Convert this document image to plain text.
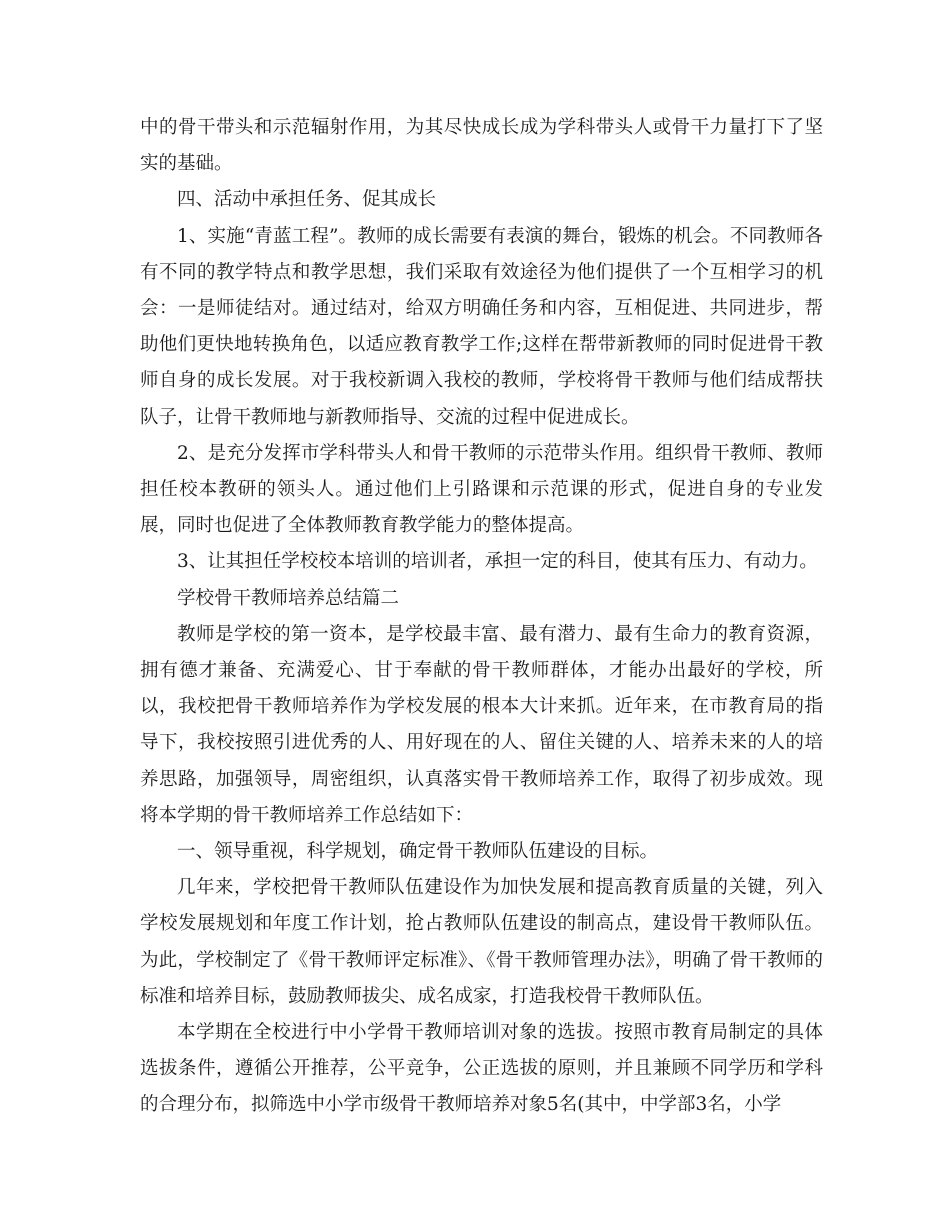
中的骨干带头和示范辐射作用，为其尽快成长成为学科带头人或骨干力量打下了坚实的基础。

四、活动中承担任务、促其成长

1、实施“青蓝工程”。教师的成长需要有表演的舞台，锻炼的机会。不同教师各有不同的教学特点和教学思想，我们采取有效途径为他们提供了一个互相学习的机会：一是师徒结对。通过结对，给双方明确任务和内容，互相促进、共同进步，帮助他们更快地转换角色，以适应教育教学工作;这样在帮带新教师的同时促进骨干教师自身的成长发展。对于我校新调入我校的教师，学校将骨干教师与他们结成帮扶队子，让骨干教师地与新教师指导、交流的过程中促进成长。

2、是充分发挥市学科带头人和骨干教师的示范带头作用。组织骨干教师、教师担任校本教研的领头人。通过他们上引路课和示范课的形式，促进自身的专业发展，同时也促进了全体教师教育教学能力的整体提高。

3、让其担任学校校本培训的培训者，承担一定的科目，使其有压力、有动力。

学校骨干教师培养总结篇二

教师是学校的第一资本，是学校最丰富、最有潜力、最有生命力的教育资源，拥有德才兼备、充满爱心、甘于奉献的骨干教师群体，才能办出最好的学校，所以，我校把骨干教师培养作为学校发展的根本大计来抓。近年来，在市教育局的指导下，我校按照引进优秀的人、用好现在的人、留住关键的人、培养未来的人的培养思路，加强领导，周密组织，认真落实骨干教师培养工作，取得了初步成效。现将本学期的骨干教师培养工作总结如下：

一、领导重视，科学规划，确定骨干教师队伍建设的目标。

几年来，学校把骨干教师队伍建设作为加快发展和提高教育质量的关键，列入学校发展规划和年度工作计划，抢占教师队伍建设的制高点，建设骨干教师队伍。为此，学校制定了《骨干教师评定标准》、《骨干教师管理办法》，明确了骨干教师的标准和培养目标，鼓励教师拔尖、成名成家，打造我校骨干教师队伍。

本学期在全校进行中小学骨干教师培训对象的选拔。按照市教育局制定的具体选拔条件，遵循公开推荐，公平竞争，公正选拔的原则，并且兼顾不同学历和学科的合理分布，拟筛选中小学市级骨干教师培养对象5名(其中，中学部3名，小学
